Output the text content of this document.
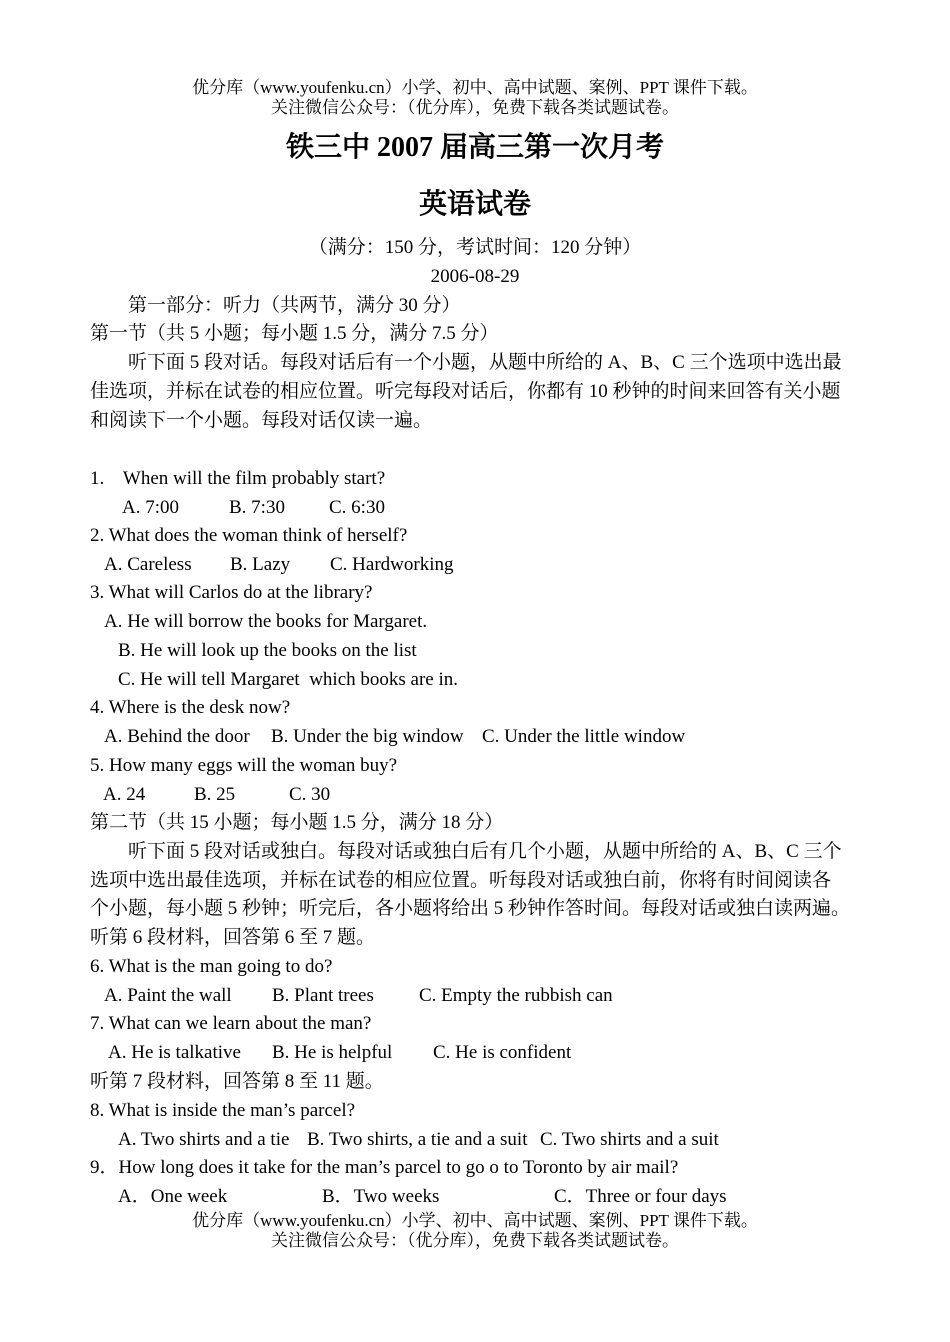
优分库（www.youfenku.cn）小学、初中、高中试题、案例、PPT 课件下载。
关注微信公众号：（优分库），免费下载各类试题试卷。
铁三中 2007 届高三第一次月考
英语试卷
（满分：150 分，考试时间：120 分钟）
2006-08-29
第一部分：听力（共两节，满分 30 分）
第一节（共 5 小题；每小题 1.5 分，满分 7.5 分）
听下面 5 段对话。每段对话后有一个小题，从题中所给的 A、B、C 三个选项中选出最
佳选项，并标在试卷的相应位置。听完每段对话后，你都有 10 秒钟的时间来回答有关小题
和阅读下一个小题。每段对话仅读一遍。
1.    When will the film probably start?
A. 7:00	B. 7:30 C. 6:30
2. What does the woman think of herself?
A. Careless B. Lazy C. Hardworking
3. What will Carlos do at the library?
A. He will borrow the books for Margaret.
B. He will look up the books on the list
C. He will tell Margaret  which books are in.
4. Where is the desk now?
A. Behind the door B. Under the big window C. Under the little window
5. How many eggs will the woman buy?
A. 24	B. 25	C. 30
第二节（共 15 小题；每小题 1.5 分，满分 18 分）
听下面 5 段对话或独白。每段对话或独白后有几个小题，从题中所给的 A、B、C 三个
选项中选出最佳选项，并标在试卷的相应位置。听每段对话或独白前，你将有时间阅读各
个小题，每小题 5 秒钟；听完后，各小题将给出 5 秒钟作答时间。每段对话或独白读两遍。
听第 6 段材料，回答第 6 至 7 题。
6. What is the man going to do?
A. Paint the wall B. Plant trees C. Empty the rubbish can
7. What can we learn about the man?
A. He is talkative B. He is helpful C. He is confident
听第 7 段材料，回答第 8 至 11 题。
8. What is inside the man’s parcel?
A. Two shirts and a tie B. Two shirts, a tie and a suit C. Two shirts and a suit
9．How long does it take for the man’s parcel to go o to Toronto by air mail?
A．One week	B．Two weeks	C．Three or four days
优分库（www.youfenku.cn）小学、初中、高中试题、案例、PPT 课件下载。
关注微信公众号：（优分库），免费下载各类试题试卷。
